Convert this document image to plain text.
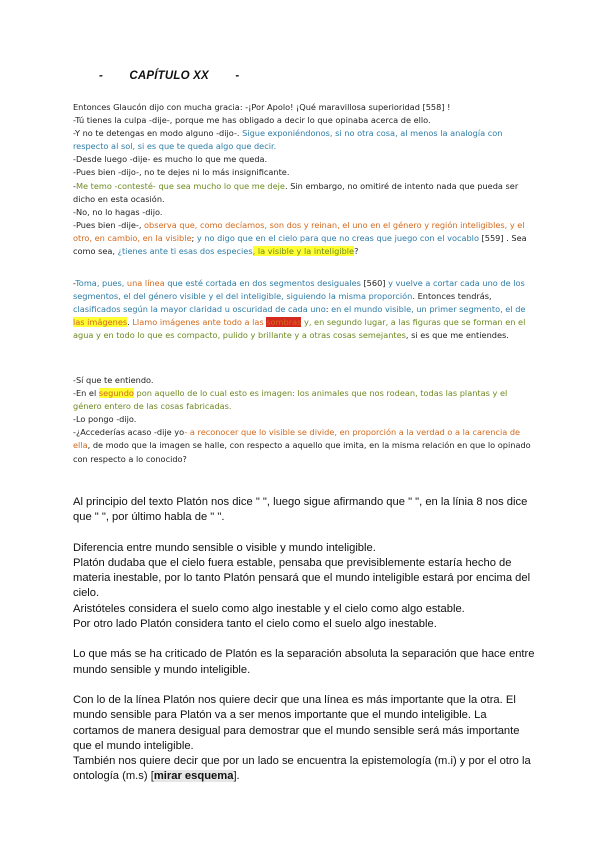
- CAPÍTULO XX -

Entonces Glaucón dijo con mucha gracia: -¡Por Apolo! ¡Qué maravillosa superioridad [558] !

-Tú tienes la culpa -dije-, porque me has obligado a decir lo que opinaba acerca de ello.

-Y no te detengas en modo alguno -dijo-. Sigue exponiéndonos, si no otra cosa, al menos la analogía con respecto al sol, si es que te queda algo que decir.

-Desde luego -dije- es mucho lo que me queda.

-Pues bien -dijo-, no te dejes ni lo más insignificante.

-Me temo -contesté- que sea mucho lo que me deje. Sin embargo, no omitiré de intento nada que pueda ser dicho en esta ocasión.

-No, no lo hagas -dijo.

-Pues bien -dije-, observa que, como decíamos, son dos y reinan, el uno en el género y región inteligibles, y el otro, en cambio, en la visible; y no digo que en el cielo para que no creas que juego con el vocablo [559] . Sea como sea, ¿tienes ante ti esas dos especies, la visible y la inteligible?

-Toma, pues, una línea que esté cortada en dos segmentos desiguales [560] y vuelve a cortar cada uno de los segmentos, el del género visible y el del inteligible, siguiendo la misma proporción. Entonces tendrás, clasificados según la mayor claridad u oscuridad de cada uno: en el mundo visible, un primer segmento, el de las imágenes. Llamo imágenes ante todo a las sombras y, en segundo lugar, a las figuras que se forman en el agua y en todo lo que es compacto, pulido y brillante y a otras cosas semejantes, si es que me entiendes.

-Sí que te entiendo.

-En el segundo pon aquello de lo cual esto es imagen: los animales que nos rodean, todas las plantas y el género entero de las cosas fabricadas.

-Lo pongo -dijo.

-¿Accederías acaso -dije yo- a reconocer que lo visible se divide, en proporción a la verdad o a la carencia de ella, de modo que la imagen se halle, con respecto a aquello que imita, en la misma relación en que lo opinado con respecto a lo conocido?

Al principio del texto Platón nos dice " ", luego sigue afirmando que " ", en la línia 8 nos dice que " ", por último habla de " ".

Diferencia entre mundo sensible o visible y mundo inteligible.

Platón dudaba que el cielo fuera estable, pensaba que previsiblemente estaría hecho de materia inestable, por lo tanto Platón pensará que el mundo inteligible estará por encima del cielo.

Aristóteles considera el suelo como algo inestable y el cielo como algo estable.

Por otro lado Platón considera tanto el cielo como el suelo algo inestable.

Lo que más se ha criticado de Platón es la separación absoluta la separación que hace entre mundo sensible y mundo inteligible.

Con lo de la línea Platón nos quiere decir que una línea es más importante que la otra. El mundo sensible para Platón va a ser menos importante que el mundo inteligible. La cortamos de manera desigual para demostrar que el mundo sensible será más importante que el mundo inteligible.

También nos quiere decir que por un lado se encuentra la epistemología (m.i) y por el otro la ontología (m.s) [mirar esquema].
